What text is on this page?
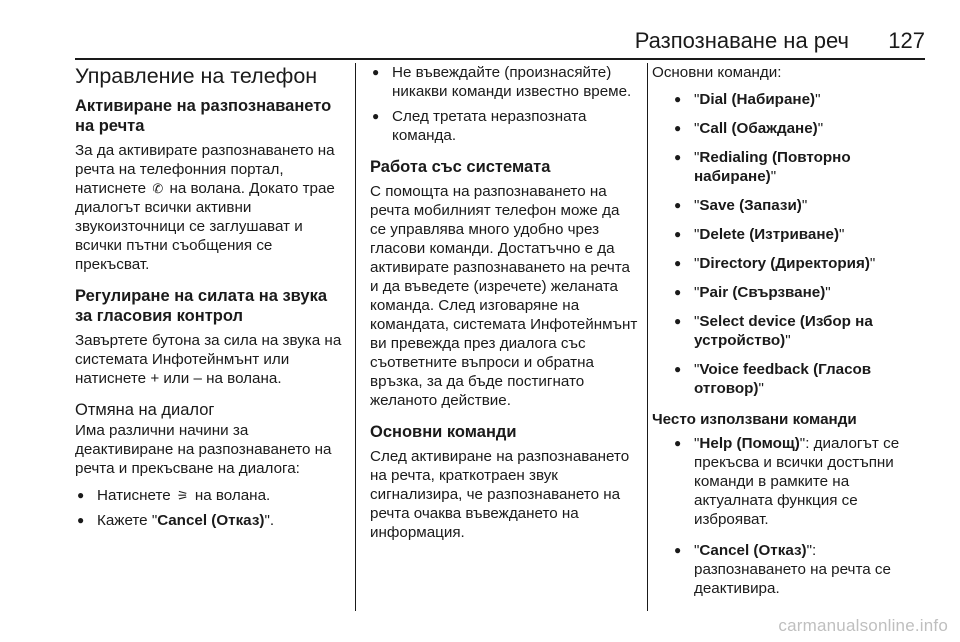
Разпознаване на реч 127
Управление на телефон
Активиране на разпознаването на речта

За да активирате разпознаването на речта на телефонния портал, натиснете ✆ на волана. Докато трае диалогът всички активни звукоизточници се заглушават и всички пътни съобщения се прекъсват.

Регулиране на силата на звука за гласовия контрол

Завъртете бутона за сила на звука на системата Инфотейнмънт или натиснете + или – на волана.

Отмяна на диалог

Има различни начини за деактивиране на разпознаването на речта и прекъсване на диалога:

● Натиснете ⚞ на волана.
● Кажете "Cancel (Отказ)".
● Не въвеждайте (произнасяйте) никакви команди известно време.
● След третата неразпозната команда.
Работа със системата

С помощта на разпознаването на речта мобилният телефон може да се управлява много удобно чрез гласови команди. Достатъчно е да активирате разпознаването на речта и да въведете (изречете) желаната команда. След изговаряне на командата, системата Инфотейнмънт ви превежда през диалога със съответните въпроси и обратна връзка, за да бъде постигнато желаното действие.

Основни команди

След активиране на разпознаването на речта, краткотраен звук сигнализира, че разпознаването на речта очаква въвеждането на информация.

Основни команди:

● "Dial (Набиране)"
● "Call (Обаждане)"
● "Redialing (Повторно набиране)"
● "Save (Запази)"
● "Delete (Изтриване)"
● "Directory (Директория)"
● "Pair (Свързване)"
● "Select device (Избор на устройство)"
● "Voice feedback (Гласов отговор)"
Често използвани команди
● "Help (Помощ)": диалогът се прекъсва и всички достъпни команди в рамките на актуалната функция се изброяват.
● "Cancel (Отказ)": разпознаването на речта се деактивира.
carmanualsonline.info
